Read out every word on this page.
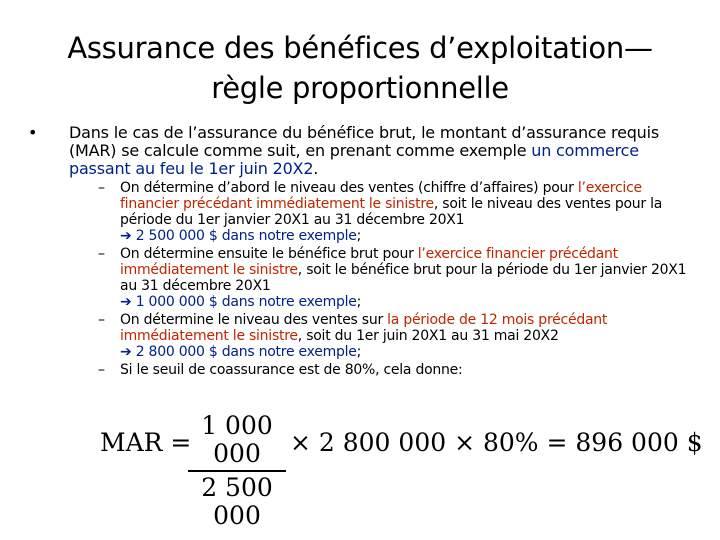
Assurance des bénéfices d’exploitation—
règle proportionnelle
• Dans le cas de l’assurance du bénéfice brut, le montant d’assurance requis (MAR) se calcule comme suit, en prenant comme exemple un commerce passant au feu le 1er juin 20X2.
– On détermine d’abord le niveau des ventes (chiffre d’affaires) pour l’exercice financier précédant immédiatement le sinistre, soit le niveau des ventes pour la période du 1er janvier 20X1 au 31 décembre 20X1
➔ 2 500 000 $ dans notre exemple;
– On détermine ensuite le bénéfice brut pour l’exercice financier précédant immédiatement le sinistre, soit le bénéfice brut pour la période du 1er janvier 20X1 au 31 décembre 20X1
➔ 1 000 000 $ dans notre exemple;
– On détermine le niveau des ventes sur la période de 12 mois précédant immédiatement le sinistre, soit du 1er juin 20X1 au 31 mai 20X2
➔ 2 800 000 $ dans notre exemple;
– Si le seuil de coassurance est de 80%, cela donne:
MAR =
1 000 000
2 500 000
× 2 800 000 × 80% = 896 000 $
